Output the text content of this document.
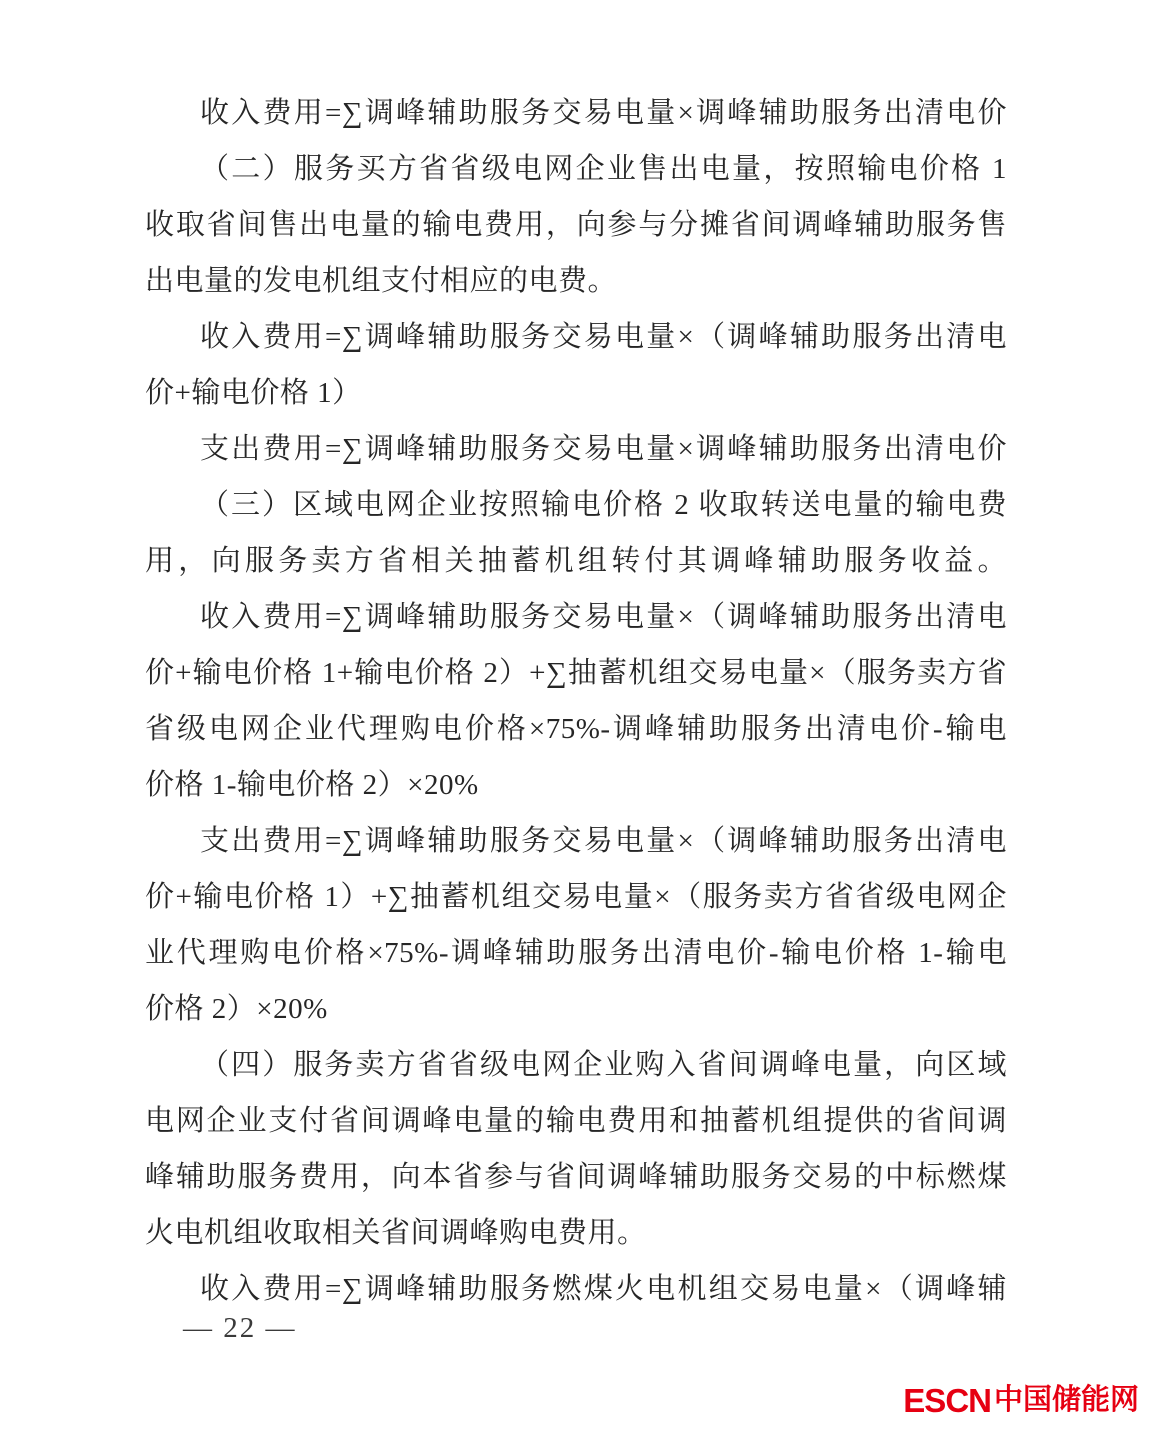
收入费用=∑调峰辅助服务交易电量×调峰辅助服务出清电价
（二）服务买方省省级电网企业售出电量，按照输电价格 1
收取省间售出电量的输电费用，向参与分摊省间调峰辅助服务售
出电量的发电机组支付相应的电费。
收入费用=∑调峰辅助服务交易电量×（调峰辅助服务出清电
价+输电价格 1）
支出费用=∑调峰辅助服务交易电量×调峰辅助服务出清电价
（三）区域电网企业按照输电价格 2 收取转送电量的输电费
用，向服务卖方省相关抽蓄机组转付其调峰辅助服务收益。
收入费用=∑调峰辅助服务交易电量×（调峰辅助服务出清电
价+输电价格 1+输电价格 2）+∑抽蓄机组交易电量×（服务卖方省
省级电网企业代理购电价格×75%-调峰辅助服务出清电价-输电
价格 1-输电价格 2）×20%
支出费用=∑调峰辅助服务交易电量×（调峰辅助服务出清电
价+输电价格 1）+∑抽蓄机组交易电量×（服务卖方省省级电网企
业代理购电价格×75%-调峰辅助服务出清电价-输电价格 1-输电
价格 2）×20%
（四）服务卖方省省级电网企业购入省间调峰电量，向区域
电网企业支付省间调峰电量的输电费用和抽蓄机组提供的省间调
峰辅助服务费用，向本省参与省间调峰辅助服务交易的中标燃煤
火电机组收取相关省间调峰购电费用。
收入费用=∑调峰辅助服务燃煤火电机组交易电量×（调峰辅
— 22 —
ESCN 中国储能网
